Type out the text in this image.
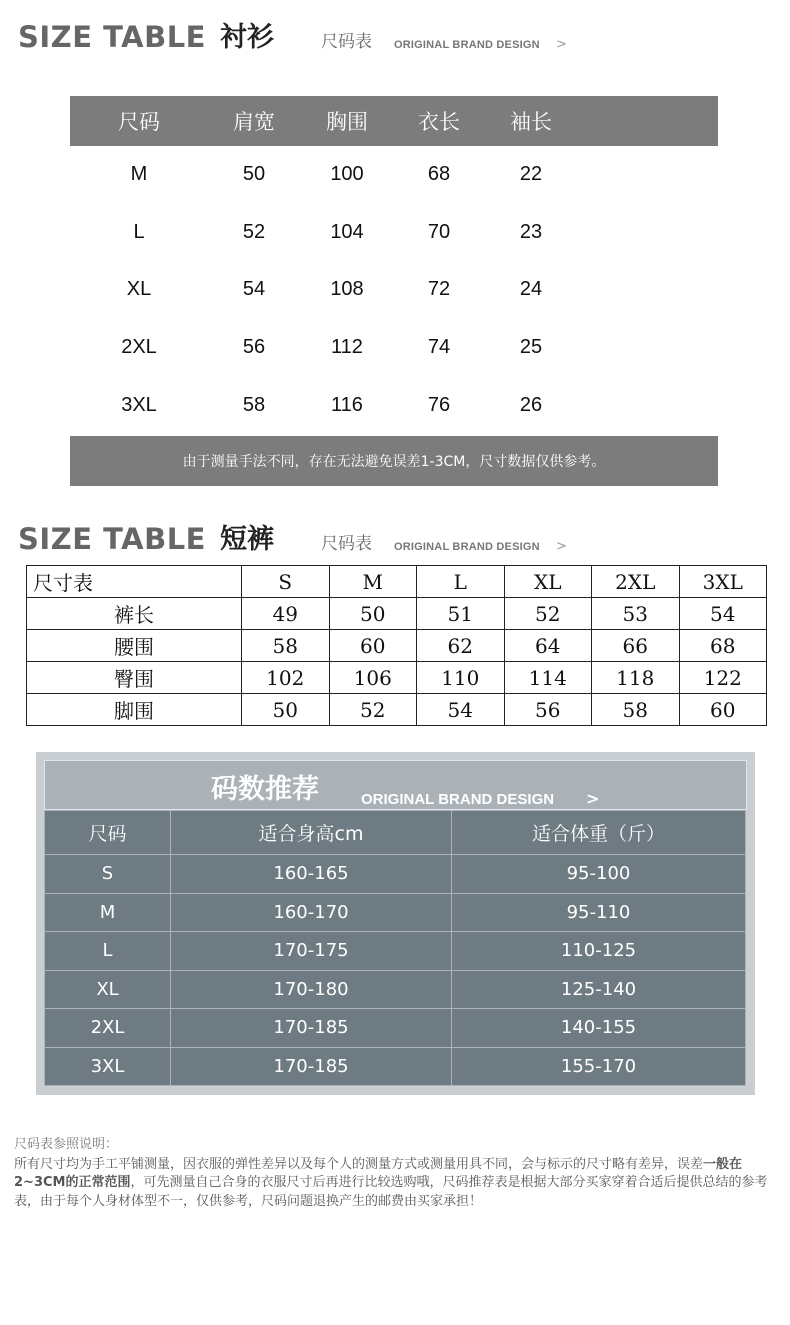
SIZE TABLE 衬衫	尺码表 ORIGINAL BRAND DESIGN >
尺码	肩宽	胸围	衣长	袖长
M	50	100	68	22
L	52	104	70	23
XL	54	108	72	24
2XL	56	112	74	25
3XL	58	116	76	26
由于测量手法不同，存在无法避免误差1-3CM，尺寸数据仅供参考。
SIZE TABLE 短裤	尺码表 ORIGINAL BRAND DESIGN >
尺寸表	S	M	L	XL	2XL	3XL
裤长	49	50	51	52	53	54
腰围	58	60	62	64	66	68
臀围	102	106	110	114	118	122
脚围	50	52	54	56	58	60
码数推荐	ORIGINAL BRAND DESIGN >
尺码	适合身高cm	适合体重（斤）
S	160-165	95-100
M	160-170	95-110
L	170-175	110-125
XL	170-180	125-140
2XL	170-185	140-155
3XL	170-185	155-170
尺码表参照说明：
所有尺寸均为手工平铺测量，因衣服的弹性差异以及每个人的测量方式或测量用具不同，会与标示的尺寸略有差异，误差一般在2~3CM的正常范围，可先测量自己合身的衣服尺寸后再进行比较选购哦，尺码推荐表是根据大部分买家穿着合适后提供总结的参考表，由于每个人身材体型不一，仅供参考，尺码问题退换产生的邮费由买家承担！
